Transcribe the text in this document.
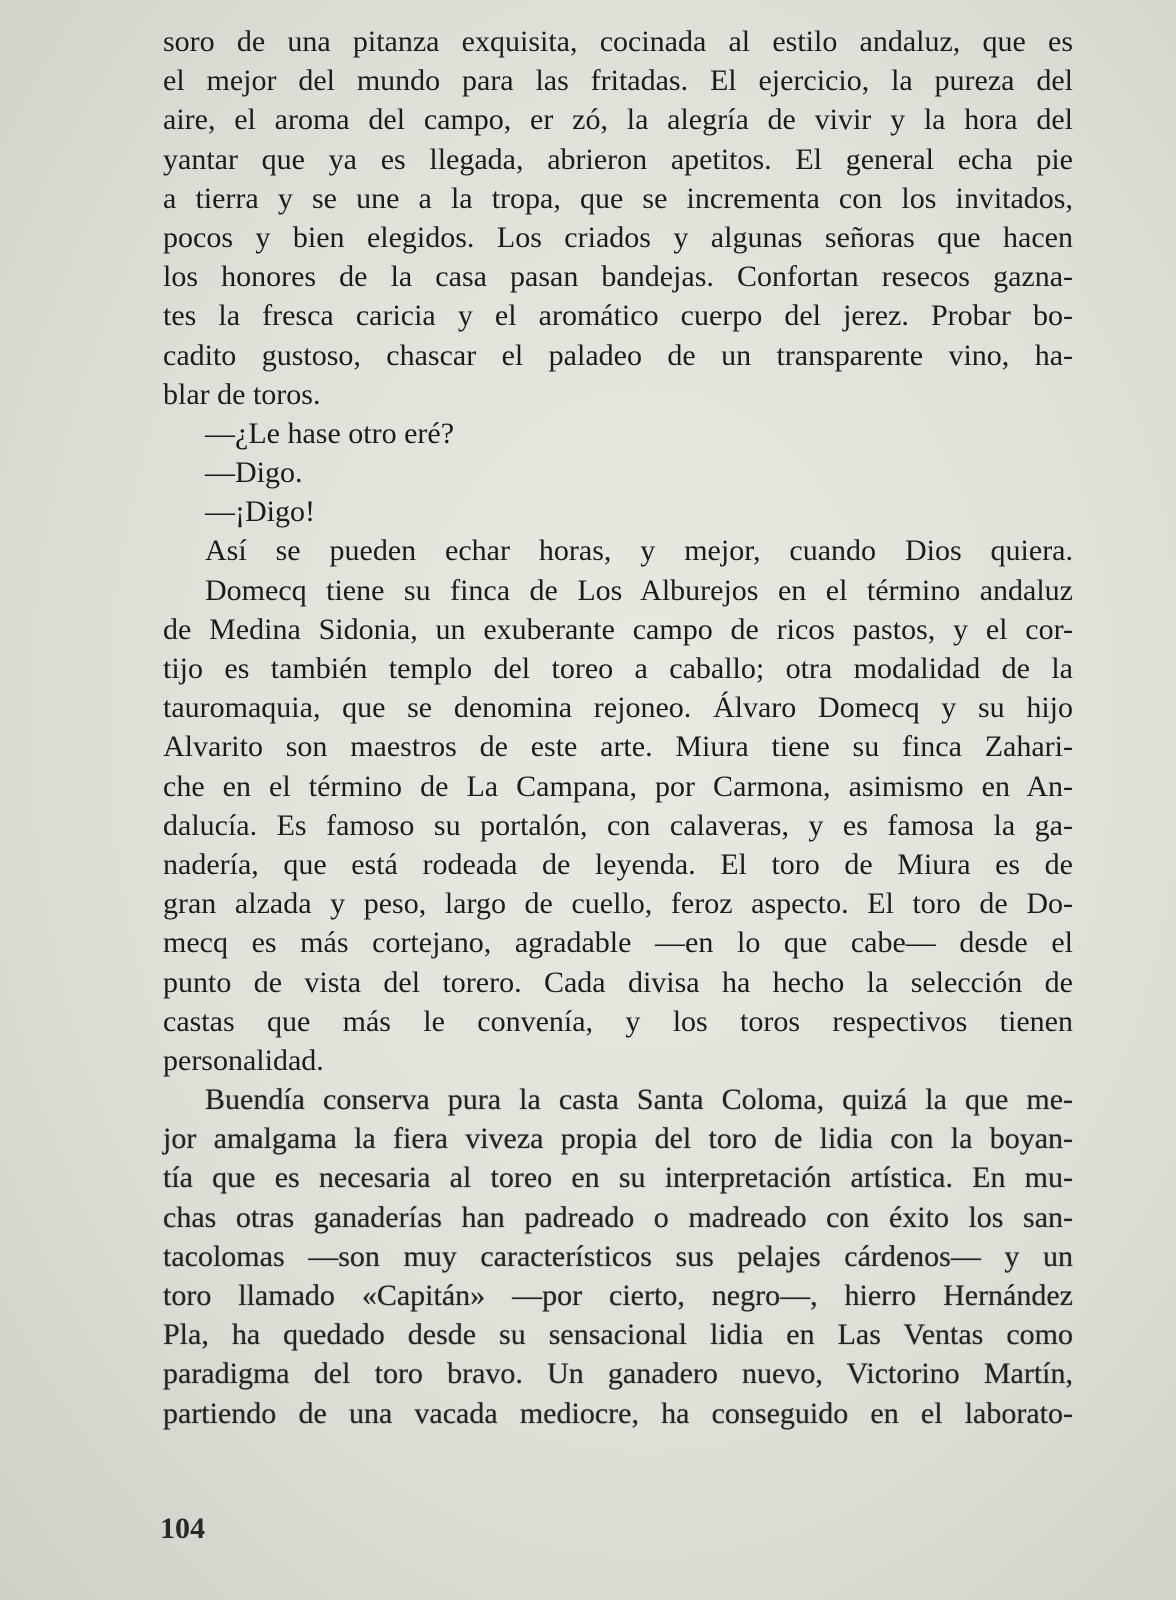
soro de una pitanza exquisita, cocinada al estilo andaluz, que es
el mejor del mundo para las fritadas. El ejercicio, la pureza del
aire, el aroma del campo, er zó, la alegría de vivir y la hora del
yantar que ya es llegada, abrieron apetitos. El general echa pie
a tierra y se une a la tropa, que se incrementa con los invitados,
pocos y bien elegidos. Los criados y algunas señoras que hacen
los honores de la casa pasan bandejas. Confortan resecos gazna-
tes la fresca caricia y el aromático cuerpo del jerez. Probar bo-
cadito gustoso, chascar el paladeo de un transparente vino, ha-
blar de toros.
—¿Le hase otro eré?
—Digo.
—¡Digo!
Así se pueden echar horas, y mejor, cuando Dios quiera.
Domecq tiene su finca de Los Alburejos en el término andaluz
de Medina Sidonia, un exuberante campo de ricos pastos, y el cor-
tijo es también templo del toreo a caballo; otra modalidad de la
tauromaquia, que se denomina rejoneo. Álvaro Domecq y su hijo
Alvarito son maestros de este arte. Miura tiene su finca Zahari-
che en el término de La Campana, por Carmona, asimismo en An-
dalucía. Es famoso su portalón, con calaveras, y es famosa la ga-
nadería, que está rodeada de leyenda. El toro de Miura es de
gran alzada y peso, largo de cuello, feroz aspecto. El toro de Do-
mecq es más cortejano, agradable —en lo que cabe— desde el
punto de vista del torero. Cada divisa ha hecho la selección de
castas que más le convenía, y los toros respectivos tienen
personalidad.
Buendía conserva pura la casta Santa Coloma, quizá la que me-
jor amalgama la fiera viveza propia del toro de lidia con la boyan-
tía que es necesaria al toreo en su interpretación artística. En mu-
chas otras ganaderías han padreado o madreado con éxito los san-
tacolomas —son muy característicos sus pelajes cárdenos— y un
toro llamado «Capitán» —por cierto, negro—, hierro Hernández
Pla, ha quedado desde su sensacional lidia en Las Ventas como
paradigma del toro bravo. Un ganadero nuevo, Victorino Martín,
partiendo de una vacada mediocre, ha conseguido en el laborato-
104
